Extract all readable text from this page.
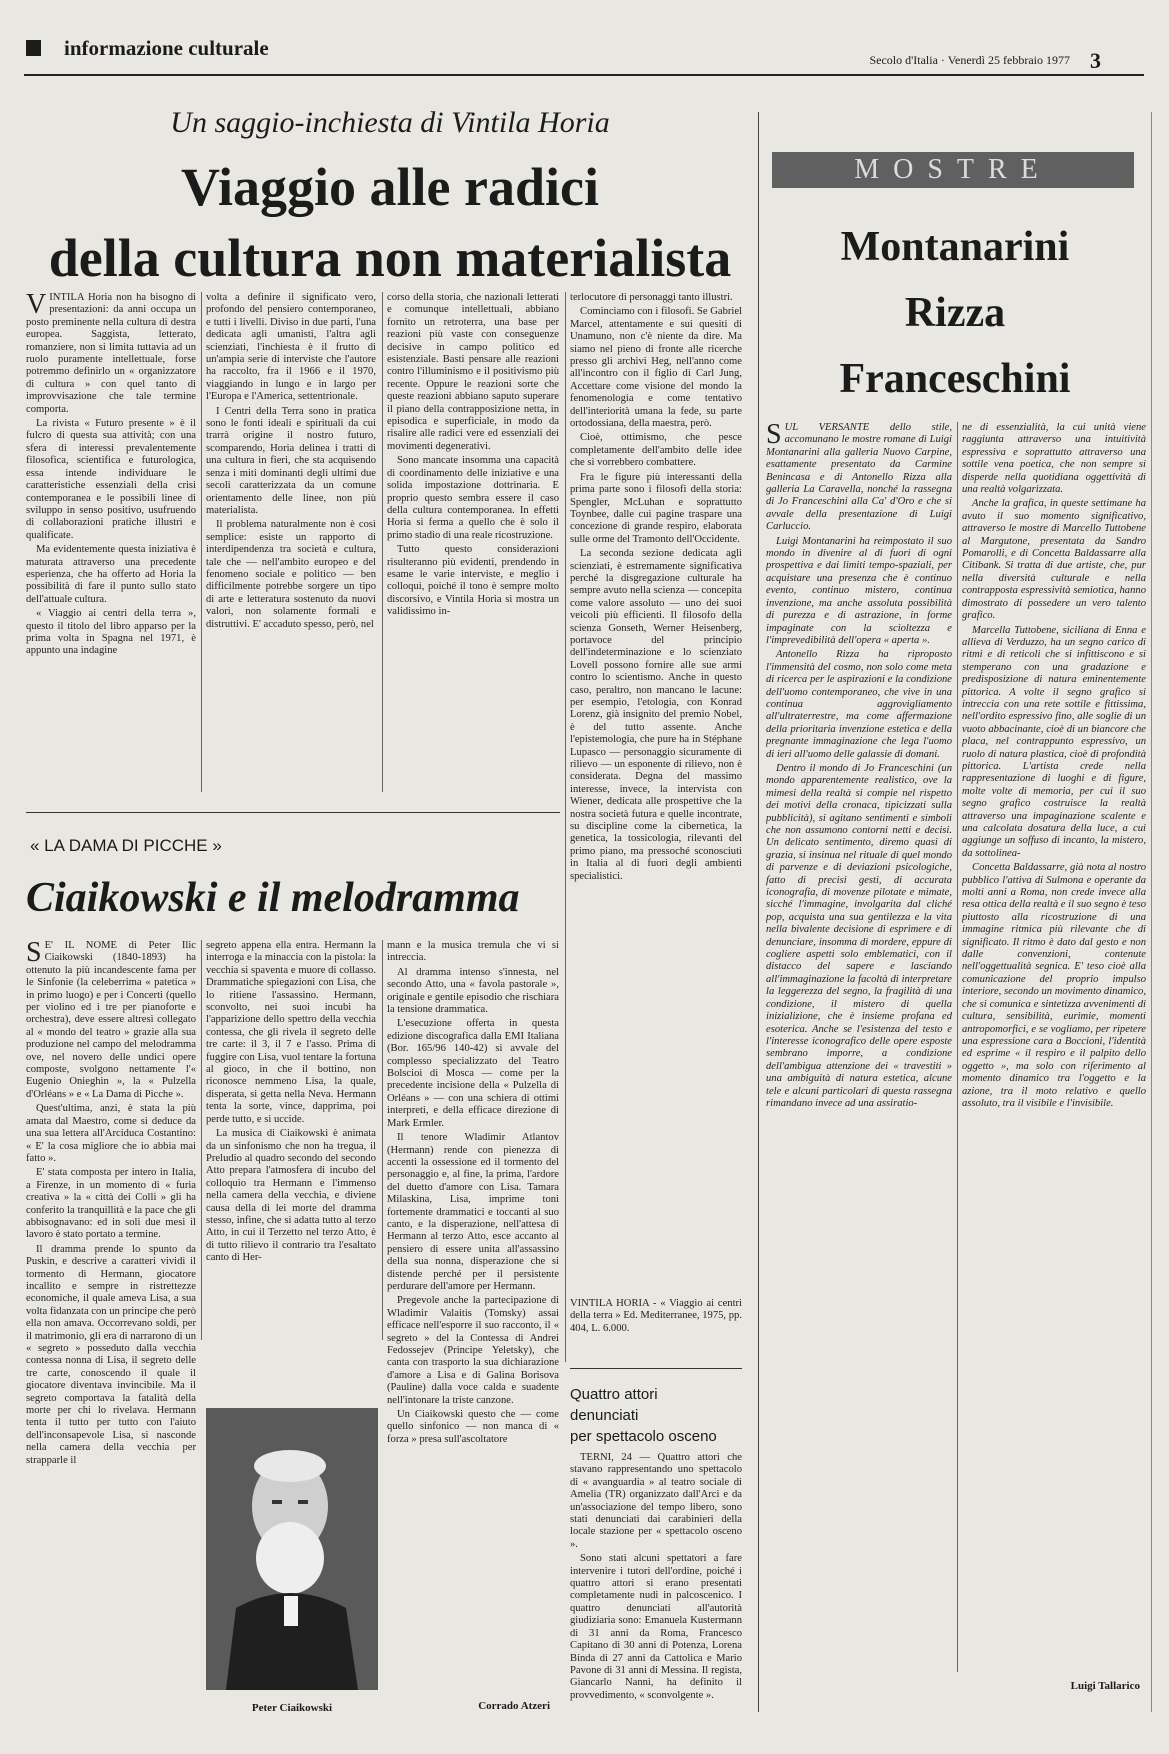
informazione culturale	Secolo d'Italia · Venerdì 25 febbraio 1977 3
Un saggio-inchiesta di Vintila Horia
Viaggio alle radici
della cultura non materialista
V INTILA Horia non ha bisogno di presentazioni: da anni occupa un posto preminente nella cultura di destra europea. Saggista, letterato, romanziere, non si limita tuttavia ad un ruolo puramente intellettuale, forse potremmo definirlo un « organizzatore di cultura » con quel tanto di improvvisazione che tale termine comporta.

La rivista « Futuro presente » è il fulcro di questa sua attività; con una sfera di interessi prevalentemente filosofica, scientifica e futurologica, essa intende individuare le caratteristiche essenziali della crisi contemporanea e le possibili linee di sviluppo in senso positivo, usufruendo di collaborazioni pratiche illustri e qualificate.

Ma evidentemente questa iniziativa è maturata attraverso una precedente esperienza, che ha offerto ad Horia la possibilità di fare il punto sullo stato dell'attuale cultura.

« Viaggio ai centri della terra », questo il titolo del libro apparso per la prima volta in Spagna nel 1971, è appunto una indagine

volta a definire il significato vero, profondo del pensiero contemporaneo, e tutti i livelli. Diviso in due parti, l'una dedicata agli umanisti, l'altra agli scienziati, l'inchiesta è il frutto di un'ampia serie di interviste che l'autore ha raccolto, fra il 1966 e il 1970, viaggiando in lungo e in largo per l'Europa e l'America, settentrionale.

I Centri della Terra sono in pratica sono le fonti ideali e spirituali da cui trarrà origine il nostro futuro, scomparendo, Horia delinea i tratti di una cultura in fieri, che sta acquisendo senza i miti dominanti degli ultimi due secoli caratterizzata da un comune orientamento delle linee, non più materialista.

Il problema naturalmente non è così semplice: esiste un rapporto di interdipendenza tra società e cultura, tale che — nell'ambito europeo e del fenomeno sociale e politico — ben difficilmente potrebbe sorgere un tipo di arte e letteratura sostenuto da nuovi valori, non solamente formali e distruttivi. E' accaduto spesso, però, nel

corso della storia, che nazionali letterati e comunque intellettuali, abbiano fornito un retroterra, una base per reazioni più vaste con conseguenze decisive in campo politico ed esistenziale. Basti pensare alle reazioni contro l'illuminismo e il positivismo più recente. Oppure le reazioni sorte che queste reazioni abbiano saputo superare il piano della contrapposizione netta, in episodica e superficiale, in modo da risalire alle radici vere ed essenziali dei movimenti degenerativi.

Sono mancate insomma una capacità di coordinamento delle iniziative e una solida impostazione dottrinaria. E proprio questo sembra essere il caso della cultura contemporanea. In effetti Horia si ferma a quello che è solo il primo stadio di una reale ricostruzione.

Tutto questo considerazioni risulteranno più evidenti, prendendo in esame le varie interviste, e meglio i colloqui, poiché il tono è sempre molto discorsivo, e Vintila Horia si mostra un validissimo in-

terlocutore di personaggi tanto illustri.

Cominciamo con i filosofi. Se Gabriel Marcel, attentamente e sui quesiti di Unamuno, non c'è niente da dire. Ma siamo nel pieno di fronte alle ricerche presso gli archivi Heg, nell'anno come all'incontro con il figlio di Carl Jung, Accettare come visione del mondo la fenomenologia e come tentativo dell'interiorità umana la fede, su parte ortodossiana, della maestra, però.

Cioè, ottimismo, che pesce completamente dell'ambito delle idee che si vorrebbero combattere.

Fra le figure più interessanti della prima parte sono i filosofi della storia: Spengler, McLuhan e soprattutto Toynbee, dalle cui pagine traspare una concezione di grande respiro, elaborata sulle orme del Tramonto dell'Occidente.

La seconda sezione dedicata agli scienziati, è estremamente significativa perché la disgregazione culturale ha sempre avuto nella scienza — concepita come valore assoluto — uno dei suoi veicoli più efficienti. Il filosofo della scienza Gonseth, Werner Heisenberg, portavoce del principio dell'indeterminazione e lo scienziato Lovell possono fornire alle sue armi contro lo scientismo. Anche in questo caso, peraltro, non mancano le lacune: per esempio, l'etologia, con Konrad Lorenz, già insignito del premio Nobel, è del tutto assente. Anche l'epistemologia, che pure ha in Stéphane Lupasco — personaggio sicuramente di rilievo — un esponente di rilievo, non è considerata. Degna del massimo interesse, invece, la intervista con Wiener, dedicata alle prospettive che la nostra società futura e quelle incontrate, su discipline come la cibernetica, la genetica, la tossicologia, rilevanti del primo piano, ma pressoché sconosciuti in Italia al di fuori degli ambienti specialistici.

VINTILA HORIA - « Viaggio ai centri della terra » Ed. Mediterranee, 1975, pp. 404, L. 6.000.

MOSTRE
Montanarini
Rizza
Franceschini
S UL VERSANTE dello stile, accomunano le mostre romane di Luigi Montanarini alla galleria Nuovo Carpine, esattamente presentato da Carmine Benincasa e di Antonello Rizza alla galleria La Caravella, nonché la rassegna di Jo Franceschini alla Ca' d'Oro e che si avvale della presentazione di Luigi Carluccio.

Luigi Montanarini ha reimpostato il suo mondo in divenire al di fuori di ogni prospettiva e dai limiti tempo-spaziali, per acquistare una presenza che è continuo evento, continuo mistero, continua invenzione, ma anche assoluta possibilità di purezza e di astrazione, in forme impaginate con la scioltezza e l'imprevedibilità dell'opera « aperta ».

Antonello Rizza ha riproposto l'immensità del cosmo, non solo come meta di ricerca per le aspirazioni e la condizione dell'uomo contemporaneo, che vive in una continua aggrovigliamento all'ultraterrestre, ma come affermazione della prioritaria invenzione estetica e della pregnante immaginazione che lega l'uomo di ieri all'uomo delle galassie di domani.

Dentro il mondo di Jo Franceschini (un mondo apparentemente realistico, ove la mimesi della realtà si compie nel rispetto dei motivi della cronaca, tipicizzati sulla pubblicità), si agitano sentimenti e simboli che non assumono contorni netti e decisi. Un delicato sentimento, diremo quasi di grazia, si insinua nel rituale di quel mondo di parvenze e di deviazioni psicologiche, fatto di precisi gesti, di accurata iconografia, di movenze pilotate e mimate, sicché l'immagine, involgarita dal cliché pop, acquista una sua gentilezza e la vita nella bivalente decisione di esprimere e di denunciare, insomma di mordere, eppure di cogliere aspetti solo emblematici, con il distacco del sapere e lasciando all'immaginazione la facoltà di interpretare la leggerezza del segno, la fragilità di una condizione, il mistero di quella inizializione, che è insieme profana ed esoterica. Anche se l'esistenza del testo e l'interesse iconografico delle opere esposte sembrano imporre, a condizione dell'ambigua attenzione dei « travestiti » una ambiguità di natura estetica, alcune tele e alcuni particolari di questa rassegna rimandano invece ad una assiratio-

ne di essenzialità, la cui unità viene raggiunta attraverso una intuitività espressiva e soprattutto attraverso una sottile vena poetica, che non sempre si disperde nella quotidiana oggettività di una realtà volgarizzata.

Anche la grafica, in queste settimane ha avuto il suo momento significativo, attraverso le mostre di Marcello Tuttobene al Margutone, presentata da Sandro Pomarolli, e di Concetta Baldassarre alla Citibank. Si tratta di due artiste, che, pur nella diversità culturale e nella contrapposta espressività semiotica, hanno dimostrato di possedere un vero talento grafico.

Marcella Tuttobene, siciliana di Enna e allieva di Verduzzo, ha un segno carico di ritmi e di reticoli che si infittiscono e si stemperano con una gradazione e predisposizione di natura eminentemente pittorica. A volte il segno grafico si intreccia con una rete sottile e fittissima, nell'ordito espressivo fino, alle soglie di un vuoto abbacinante, cioè di un biancore che placa, nel contrappunto espressivo, un ruolo di natura plastica, cioè di profondità pittorica. L'artista crede nella rappresentazione di luoghi e di figure, molte volte di memoria, per cui il suo segno grafico costruisce la realtà attraverso una impaginazione scalente e una calcolata dosatura della luce, a cui aggiunge un soffuso di incanto, la mistero, da sottolinea-

Concetta Baldassarre, già nota al nostro pubblico l'attiva di Sulmona e operante da molti anni a Roma, non crede invece alla resa ottica della realtà e il suo segno è teso piuttosto alla ricostruzione di una immagine ritmica più rilevante che di significato. Il ritmo è dato dal gesto e non dalle convenzioni, contenute nell'oggettualità segnica. E' teso cioè alla comunicazione del proprio impulso interiore, secondo un movimento dinamico, che si comunica e sintetizza avvenimenti di cultura, sensibilità, eurimie, momenti antropomorfici, e se vogliamo, per ripetere una espressione cara a Boccioni, l'identità ed esprime « il respiro e il palpito dello oggetto », ma solo con riferimento al momento dinamico tra l'oggetto e la azione, tra il moto relativo e quello assoluto, tra il visibile e l'invisibile.

Luigi Tallarico
« LA DAMA DI PICCHE »
Ciaikowski e il melodramma
S E' IL NOME di Peter Ilic Ciaikowski (1840-1893) ha ottenuto la più incandescente fama per le Sinfonie (la celeberrima « patetica » in primo luogo) e per i Concerti (quello per violino ed i tre per pianoforte e orchestra), deve essere altresì collegato al « mondo del teatro » grazie alla sua produzione nel campo del melodramma ove, nel novero delle undici opere composte, svolgono nettamente l'« Eugenio Onieghin », la « Pulzella d'Orléans » e « La Dama di Picche ».

Quest'ultima, anzi, è stata la più amata dal Maestro, come si deduce da una sua lettera all'Arciduca Costantino: « E' la cosa migliore che io abbia mai fatto ».

E' stata composta per intero in Italia, a Firenze, in un momento di « furia creativa » la « città dei Colli » gli ha conferito la tranquillità e la pace che gli abbisognavano: ed in soli due mesi il lavoro è stato portato a termine.

Il dramma prende lo spunto da Puskin, e descrive a caratteri vividi il tormento di Hermann, giocatore incallito e sempre in ristrettezze economiche, il quale ameva Lisa, a sua volta fidanzata con un principe che però ella non amava. Occorrevano soldi, per il matrimonio, gli era di narrarono di un « segreto » posseduto dalla vecchia contessa nonna di Lisa, il segreto delle tre carte, conoscendo il quale il giocatore diventava invincibile. Ma il segreto comportava la fatalità della morte per chi lo rivelava. Hermann tenta il tutto per tutto con l'aiuto dell'inconsapevole Lisa, si nasconde nella camera della vecchia per strapparle il

segreto appena ella entra. Hermann la interroga e la minaccia con la pistola: la vecchia si spaventa e muore di collasso. Drammatiche spiegazioni con Lisa, che lo ritiene l'assassino. Hermann, sconvolto, nei suoi incubi ha l'apparizione dello spettro della vecchia contessa, che gli rivela il segreto delle tre carte: il 3, il 7 e l'asso. Prima di fuggire con Lisa, vuol tentare la fortuna al gioco, in che il bottino, non riconosce nemmeno Lisa, la quale, disperata, si getta nella Neva. Hermann tenta la sorte, vince, dapprima, poi perde tutto, e si uccide.

La musica di Ciaikowski è animata da un sinfonismo che non ha tregua, il Preludio al quadro secondo del secondo Atto prepara l'atmosfera di incubo del colloquio tra Hermann e l'immenso nella camera della vecchia, e diviene causa della di lei morte del dramma stesso, infine, che si adatta tutto al terzo Atto, in cui il Terzetto nel terzo Atto, è di tutto rilievo il contrario tra l'esaltato canto di Her-

mann e la musica tremula che vi si intreccia.

Al dramma intenso s'innesta, nel secondo Atto, una « favola pastorale », originale e gentile episodio che rischiara la tensione drammatica.

L'esecuzione offerta in questa edizione discografica dalla EMI Italiana (Bor. 165/96 140-42) si avvale del complesso specializzato del Teatro Bolscioi di Mosca — come per la precedente incisione della « Pulzella di Orléans » — con una schiera di ottimi interpreti, e della efficace direzione di Mark Ermler.

Il tenore Wladimir Atlantov (Hermann) rende con pienezza di accenti la ossessione ed il tormento del personaggio e, al fine, la prima, l'ardore del duetto d'amore con Lisa. Tamara Milaskina, Lisa, imprime toni fortemente drammatici e toccanti al suo canto, e la disperazione, nell'attesa di Hermann al terzo Atto, esce accanto al pensiero di essere unita all'assassino della sua nonna, disperazione che si distende perché per il persistente perdurare dell'amore per Hermann.

Pregevole anche la partecipazione di Wladimir Valaitis (Tomsky) assai efficace nell'esporre il suo racconto, il « segreto » del la Contessa di Andrei Fedossejev (Principe Yeletsky), che canta con trasporto la sua dichiarazione d'amore a Lisa e di Galina Borisova (Pauline) dalla voce calda e suadente nell'intonare la triste canzone.

Un Ciaikowski questo che — come quello sinfonico — non manca di « forza » presa sull'ascoltatore

Corrado Atzeri
Peter Ciaikowski
Quattro attori
denunciati
per spettacolo osceno

TERNI, 24 — Quattro attori che stavano rappresentando uno spettacolo di « avanguardia » al teatro sociale di Amelia (TR) organizzato dall'Arci e da un'associazione del tempo libero, sono stati denunciati dai carabinieri della locale stazione per « spettacolo osceno ».

Sono stati alcuni spettatori a fare intervenire i tutori dell'ordine, poiché i quattro attori si erano presentati completamente nudi in palcoscenico. I quattro denunciati all'autorità giudiziaria sono: Emanuela Kustermann di 31 anni da Roma, Francesco Capitano di 30 anni di Potenza, Lorena Binda di 27 anni da Cattolica e Mario Pavone di 31 anni di Messina. Il regista, Giancarlo Nanni, ha definito il provvedimento, « sconvolgente ».
